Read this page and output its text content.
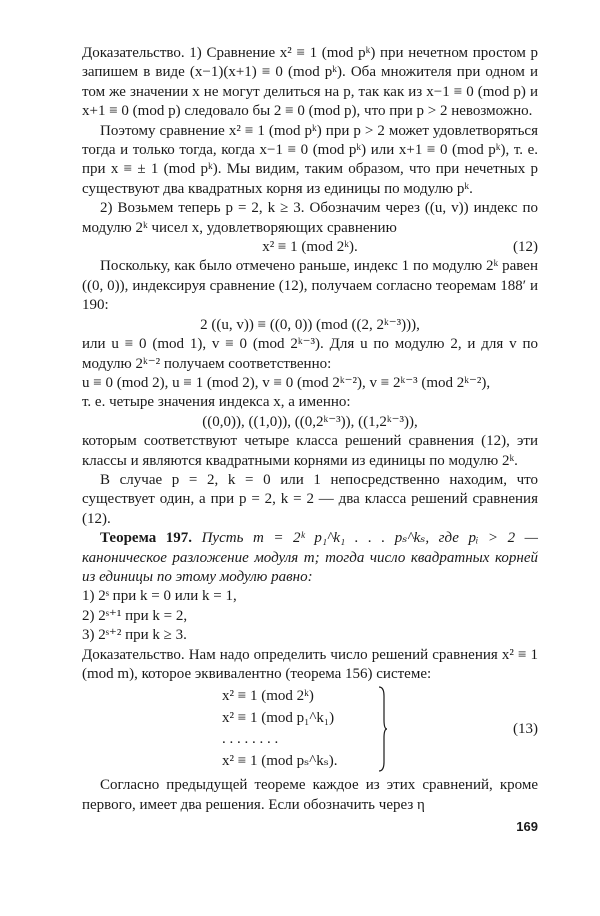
Доказательство. 1) Сравнение x² ≡ 1 (mod pᵏ) при нечетном простом p запишем в виде (x−1)(x+1) ≡ 0 (mod pᵏ). Оба множителя при одном и том же значении x не могут делиться на p, так как из x−1 ≡ 0 (mod p) и x+1 ≡ 0 (mod p) следовало бы 2 ≡ 0 (mod p), что при p > 2 невозможно.

Поэтому сравнение x² ≡ 1 (mod pᵏ) при p > 2 может удовлетворяться тогда и только тогда, когда x−1 ≡ 0 (mod pᵏ) или x+1 ≡ 0 (mod pᵏ), т. е. при x ≡ ± 1 (mod pᵏ). Мы видим, таким образом, что при нечетных p существуют два квадратных корня из единицы по модулю pᵏ.

2) Возьмем теперь p = 2, k ≥ 3. Обозначим через ((u, v)) индекс по модулю 2ᵏ чисел x, удовлетворяющих сравнению

x² ≡ 1 (mod 2ᵏ).	(12)

Поскольку, как было отмечено раньше, индекс 1 по модулю 2ᵏ равен ((0, 0)), индексируя сравнение (12), получаем согласно теоремам 188′ и 190:

2 ((u, v)) ≡ ((0, 0)) (mod ((2, 2ᵏ⁻³))),

или u ≡ 0 (mod 1), v ≡ 0 (mod 2ᵏ⁻³). Для u по модулю 2, и для v по модулю 2ᵏ⁻² получаем соответственно:

u ≡ 0 (mod 2), u ≡ 1 (mod 2), v ≡ 0 (mod 2ᵏ⁻²), v ≡ 2ᵏ⁻³ (mod 2ᵏ⁻²),

т. е. четыре значения индекса x, а именно:

((0,0)), ((1,0)), ((0,2ᵏ⁻³)), ((1,2ᵏ⁻³)),

которым соответствуют четыре класса решений сравнения (12), эти классы и являются квадратными корнями из единицы по модулю 2ᵏ.

В случае p = 2, k = 0 или 1 непосредственно находим, что существует один, а при p = 2, k = 2 — два класса решений сравнения (12).

Теорема 197. Пусть m = 2ᵏ p₁^k₁ . . . pₛ^kₛ, где pᵢ > 2 — каноническое разложение модуля m; тогда число квадратных корней из единицы по этому модулю равно:

1) 2ˢ при k = 0 или k = 1,

2) 2ˢ⁺¹ при k = 2,

3) 2ˢ⁺² при k ≥ 3.

Доказательство. Нам надо определить число решений сравнения x² ≡ 1 (mod m), которое эквивалентно (теорема 156) системе:

x² ≡ 1 (mod 2ᵏ)
x² ≡ 1 (mod p₁^k₁)
. . . . . . . .
x² ≡ 1 (mod pₛ^kₛ).
(13)

Согласно предыдущей теореме каждое из этих сравнений, кроме первого, имеет два решения. Если обозначить через η

169
